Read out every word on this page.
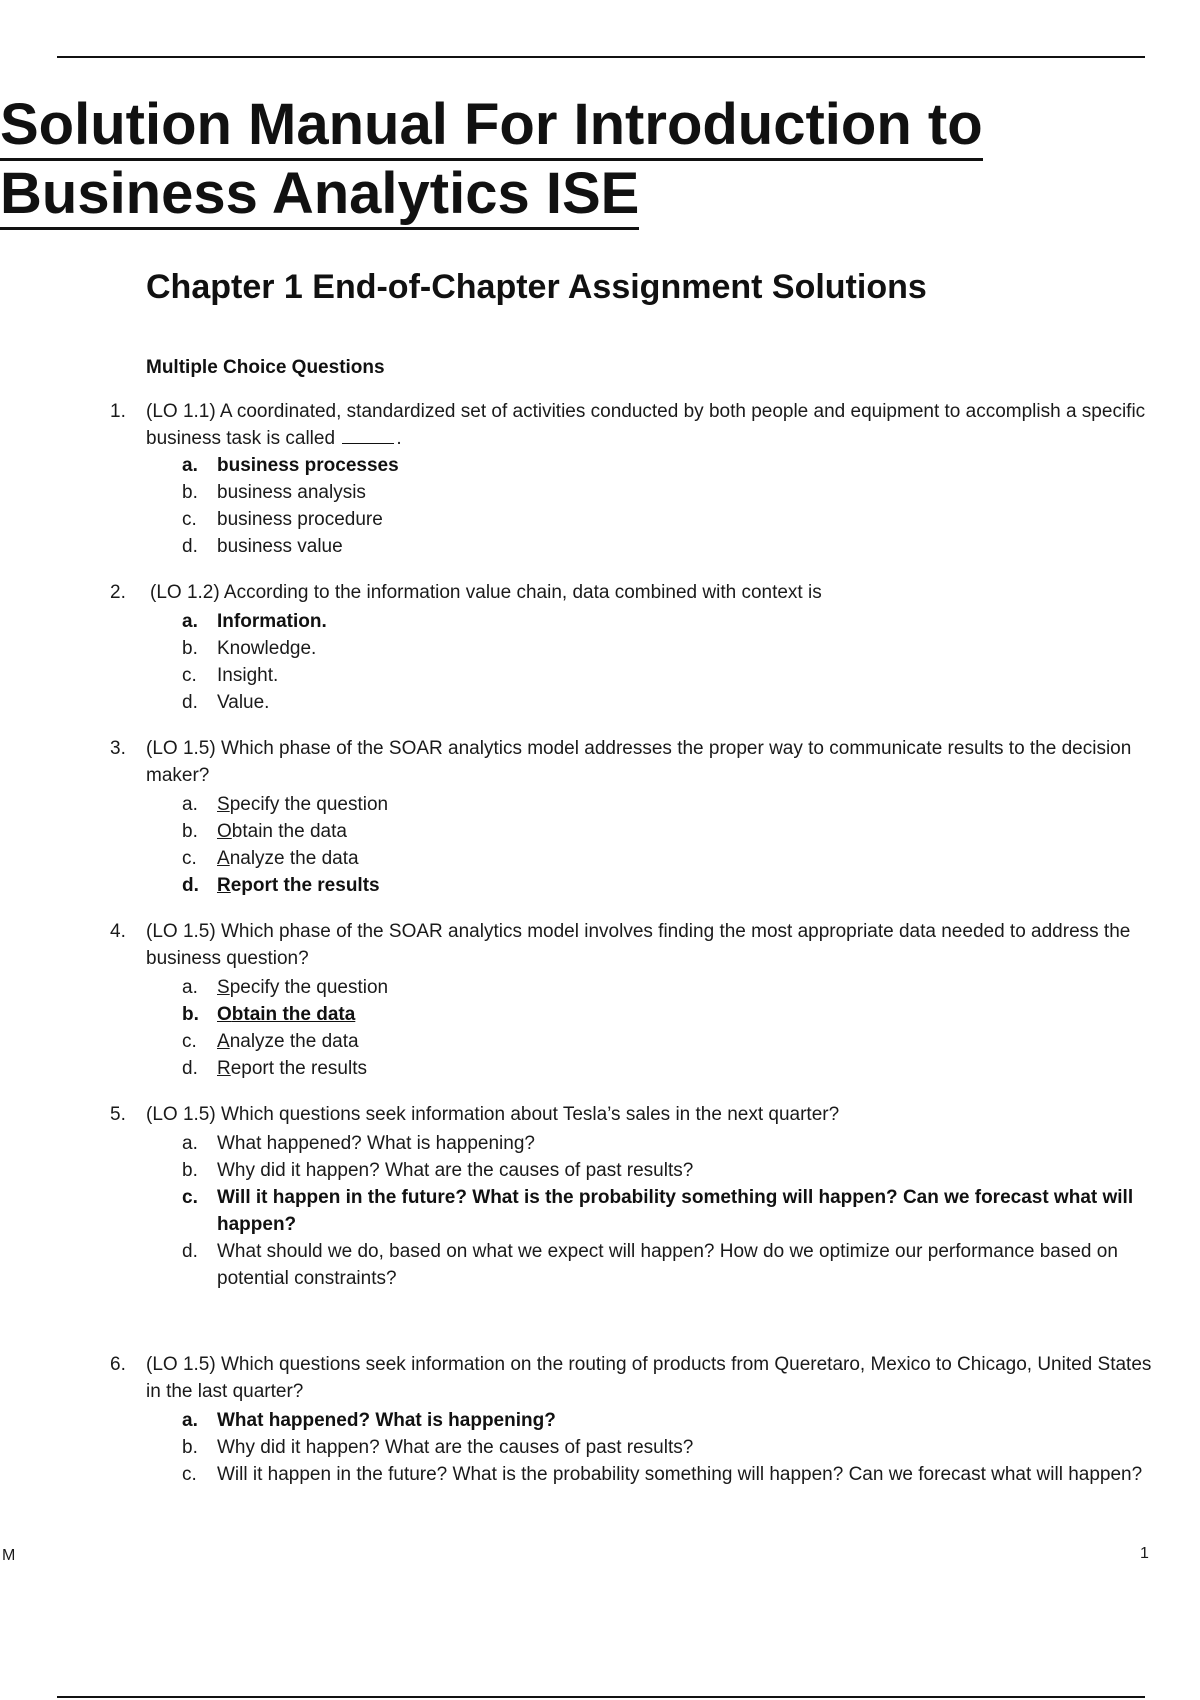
Solution Manual For Introduction to
Business Analytics ISE
Chapter 1 End-of-Chapter Assignment Solutions
Multiple Choice Questions
1.	(LO 1.1) A coordinated, standardized set of activities conducted by both people and equipment to accomplish a specific business task is called	.
a.	business processes
b.	business analysis
c.	business procedure
d.	business value
2.	(LO 1.2) According to the information value chain, data combined with context is
a.	Information.
b.	Knowledge.
c.	Insight.
d.	Value.
3.	(LO 1.5) Which phase of the SOAR analytics model addresses the proper way to communicate results to the decision maker?
a.	Specify the question
b.	Obtain the data
c.	Analyze the data
d. Report the results
4.	(LO 1.5) Which phase of the SOAR analytics model involves finding the most appropriate data needed to address the business question?
a.	Specify the question
b. Obtain the data
c.	Analyze the data
d.	Report the results
5.	(LO 1.5) Which questions seek information about Tesla’s sales in the next quarter?
a.	What happened? What is happening?
b.	Why did it happen? What are the causes of past results?
c.	Will it happen in the future? What is the probability something will happen? Can we forecast what will happen?
d.	What should we do, based on what we expect will happen? How do we optimize our performance based on potential constraints?
6.	(LO 1.5) Which questions seek information on the routing of products from Queretaro, Mexico to Chicago, United States in the last quarter?
a.	What happened? What is happening?
b.	Why did it happen? What are the causes of past results?
c.	Will it happen in the future? What is the probability something will happen? Can we forecast what will happen?
M	1
